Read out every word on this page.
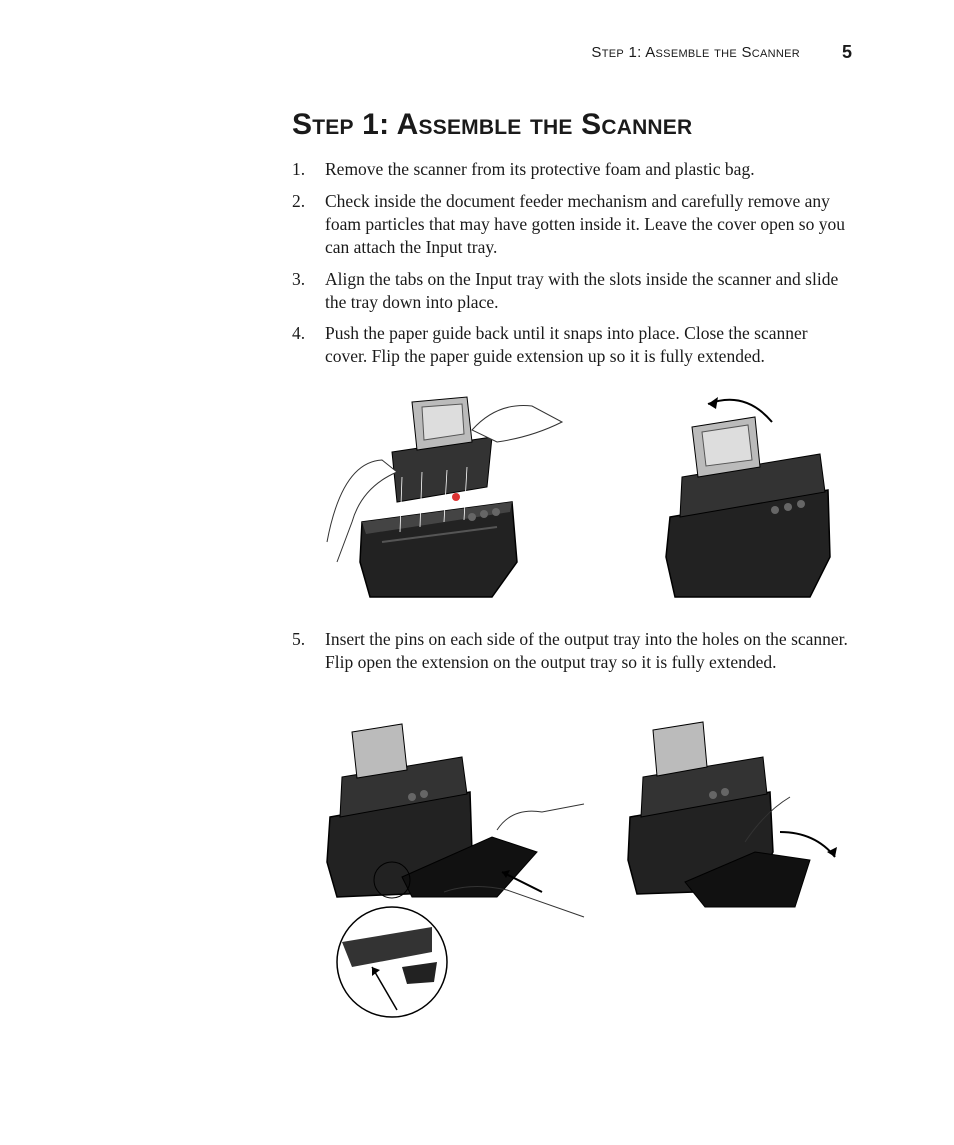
Step 1: Assemble the Scanner 5
Step 1: Assemble the Scanner
1.	Remove the scanner from its protective foam and plastic bag.
2.	Check inside the document feeder mechanism and carefully remove any foam particles that may have gotten inside it. Leave the cover open so you can attach the Input tray.
3.	Align the tabs on the Input tray with the slots inside the scanner and slide the tray down into place.
4.	Push the paper guide back until it snaps into place. Close the scanner cover. Flip the paper guide extension up so it is fully extended.
5.	Insert the pins on each side of the output tray into the holes on the scanner. Flip open the extension on the output tray so it is fully extended.
